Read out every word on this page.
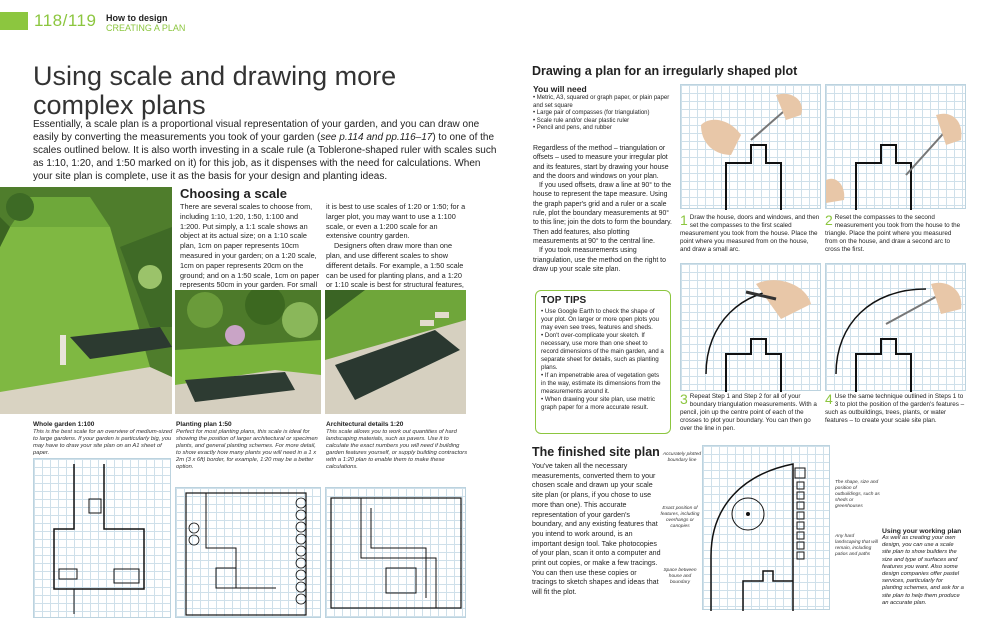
118/119 How to design
CREATING A PLAN
Using scale and drawing more complex plans
Essentially, a scale plan is a proportional visual representation of your garden, and you can draw one easily by converting the measurements you took of your garden (see p.114 and pp.116–17) to one of the scales outlined below. It is also worth investing in a scale rule (a Toblerone-shaped ruler with scales such as 1:10, 1:20, and 1:50 marked on it) for this job, as it dispenses with the need for calculations. When your site plan is complete, use it as the basis for your design and planting ideas.
Choosing a scale
There are several scales to choose from, including 1:10, 1:20, 1:50, 1:100 and 1:200. Put simply, a 1:1 scale shows an object at its actual size; on a 1:10 scale plan, 1cm on paper represents 10cm measured in your garden; on a 1:20 scale, 1cm on paper represents 20cm on the ground; and on a 1:50 scale, 1cm on paper represents 50cm in your garden. For small
it is best to use scales of 1:20 or 1:50; for a larger plot, you may want to use a 1:100 scale, or even a 1:200 scale for an extensive country garden.
Designers often draw more than one plan, and use different scales to show different details. For example, a 1:50 scale can be used for planting plans, and a 1:20 or 1:10 scale is best for structural features,
Whole garden 1:100
This is the best scale for an overview of medium-sized to large gardens. If your garden is particularly big, you may have to draw your site plan on an A1 sheet of paper.
Planting plan 1:50
Perfect for most planting plans, this scale is ideal for showing the position of larger architectural or specimen plants, and general planting schemes. For more detail, to show exactly how many plants you will need in a 1 x 2m (3 x 6ft) border, for example, 1:20 may be a better option.
Architectural details 1:20
This scale allows you to work out quantities of hard landscaping materials, such as pavers. Use it to calculate the exact numbers you will need if building garden features yourself, or supply building contractors with a 1:20 plan to enable them to make these calculations.
Drawing a plan for an irregularly shaped plot
You will need
• Metric, A3, squared or graph paper, or plain paper and set square
• Large pair of compasses (for triangulation)
• Scale rule and/or clear plastic ruler
• Pencil and pens, and rubber
Regardless of the method – triangulation or offsets – used to measure your irregular plot and its features, start by drawing your house and the doors and windows on your plan.
If you used offsets, draw a line at 90° to the house to represent the tape measure. Using the graph paper's grid and a ruler or a scale rule, plot the boundary measurements at 90° to this line; join the dots to form the boundary. Then add features, also plotting measurements at 90° to the central line.
If you took measurements using triangulation, use the method on the right to draw up your scale site plan.
TOP TIPS
• Use Google Earth to check the shape of your plot. On larger or more open plots you may even see trees, features and sheds.
• Don't over-complicate your sketch. If necessary, use more than one sheet to record dimensions of the main garden, and a separate sheet for details, such as planting plans.
• If an impenetrable area of vegetation gets in the way, estimate its dimensions from the measurements around it.
• When drawing your site plan, use metric graph paper for a more accurate result.
1 Draw the house, doors and windows, and then set the compasses to the first scaled measurement you took from the house. Place the point where you measured from on the house, and draw a small arc.
2 Reset the compasses to the second measurement you took from the house to the triangle. Place the point where you measured from on the house, and draw a second arc to cross the first.
3 Repeat Step 1 and Step 2 for all of your boundary triangulation measurements. With a pencil, join up the centre point of each of the crosses to plot your boundary. You can then go over the line in pen.
4 Use the same technique outlined in Steps 1 to 3 to plot the position of the garden's features – such as outbuildings, trees, plants, or water features – to create your scale site plan.
The finished site plan
You've taken all the necessary measurements, converted them to your chosen scale and drawn up your scale site plan (or plans, if you chose to use more than one). This accurate representation of your garden's boundary, and any existing features that you intend to work around, is an important design tool. Take photocopies of your plan, scan it onto a computer and print out copies, or make a few tracings. You can then use these copies or tracings to sketch shapes and ideas that will fit the plot.
Accurately plotted boundary line
Exact position of features, including overhangs or canopies
Space between house and boundary
The shape, size and position of outbuildings, such as sheds or greenhouses
Any hard landscaping that will remain, including patios and paths
Using your working plan
As well as creating your own design, you can use a scale site plan to show builders the size and type of surfaces and features you want. Also some design companies offer pastel services, particularly for planting schemes, and ask for a site plan to help them produce an accurate plan.
